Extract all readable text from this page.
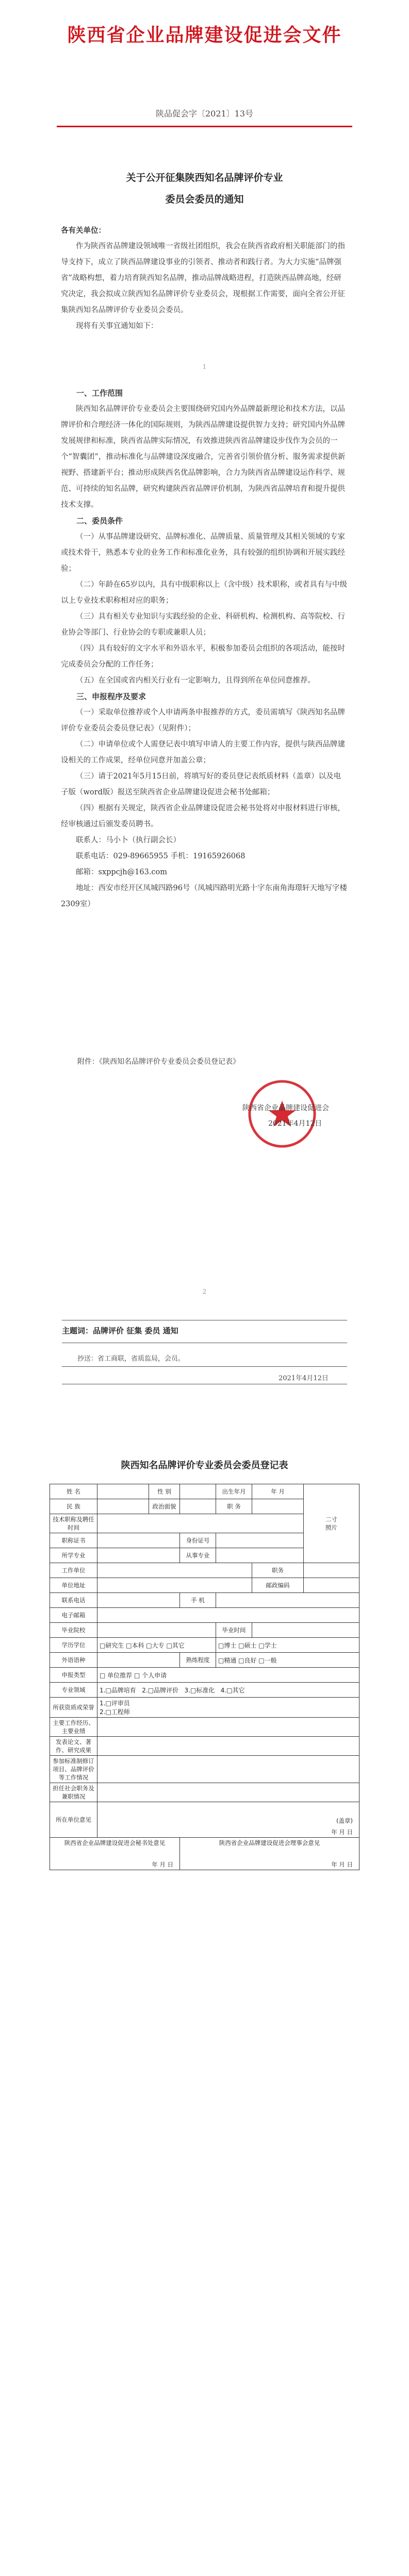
陕西省企业品牌建设促进会文件
陕品促会字〔2021〕13号
关于公开征集陕西知名品牌评价专业
委员会委员的通知

各有关单位：

作为陕西省品牌建设领域唯一省级社团组织，我会在陕西省政府相关职能部门的指导支持下，成立了陕西品牌建设事业的引领者、推动者和践行者。为大力实施“品牌强省”战略构想，着力培育陕西知名品牌，推动品牌战略进程，打造陕西品牌高地，经研究决定，我会拟成立陕西知名品牌评价专业委员会，现根据工作需要，面向全省公开征集陕西知名品牌评价专业委员会委员。

现将有关事宜通知如下：

1
一、工作范围

陕西知名品牌评价专业委员会主要围绕研究国内外品牌最新理论和技术方法，以品牌评价和合理经济一体化的国际规则，为陕西品牌建设提供智力支持；研究国内外品牌发展规律和标准，陕西省品牌实际情况，有效推进陕西省品牌建设步伐作为会员的一个“智囊团”，推动标准化与品牌建设深度融合，完善省引领价值分析、服务需求提供新视野、搭建新平台；推动形成陕西名优品牌影响，合力为陕西省品牌建设运作科学、规范、可持续的知名品牌，研究构建陕西省品牌评价机制，为陕西省品牌培育和提升提供技术支撑。

二、委员条件

（一）从事品牌建设研究、品牌标准化、品牌质量、质量管理及其相关领域的专家或技术骨干，熟悉本专业的业务工作和标准化业务，具有较强的组织协调和开展实践经验；

（二）年龄在65岁以内，具有中级职称以上（含中级）技术职称，或者具有与中级以上专业技术职称相对应的职务；

（三）具有相关专业知识与实践经验的企业、科研机构、检测机构、高等院校、行业协会等部门、行业协会的专职或兼职人员；

（四）具有较好的文字水平和外语水平，积极参加委员会组织的各项活动，能按时完成委员会分配的工作任务；

（五）在全国或省内相关行业有一定影响力，且得到所在单位同意推荐。

三、申报程序及要求

（一）采取单位推荐或个人申请两条申报推荐的方式，委员需填写《陕西知名品牌评价专业委员会委员登记表》（见附件）；

（二）申请单位或个人需登记表中填写申请人的主要工作内容，提供与陕西品牌建设相关的工作成果，经单位同意并加盖公章；

（三）请于2021年5月15日前，将填写好的委员登记表纸质材料（盖章）以及电子版（word版）报送至陕西省企业品牌建设促进会秘书处邮箱；

（四）根据有关规定，陕西省企业品牌建设促进会秘书处将对申报材料进行审核，经审核通过后颁发委员聘书。

联系人：马小卜（执行副会长）

联系电话：029-89665955 手机：19165926068

邮箱：sxppcjh@163.com

地址：西安市经开区凤城四路96号（凤城四路明光路十字东南角海璟轩天地写字楼2309室）

附件：《陕西知名品牌评价专业委员会委员登记表》
陕西省企业品牌建设促进会
2021年4月12日
2
主题词：品牌评价 征集 委员 通知
抄送：省工商联，省质监局，会员。
2021年4月12日
陕西知名品牌评价专业委员会委员登记表
姓 名		性 别		出生年月	年 月	二寸
照片
民 族		政治面貌		职 务		
技术职称及聘任时间						
职称证书			身份证号			
所学专业			从事专业			
工作单位					职务	
单位地址					邮政编码	
联系电话			手 机			
电子邮箱						
毕业院校				毕业时间		
学历学位	□研究生 □本科 □大专 □其它			□博士 □硕士 □学士		
外语语种			熟练程度	□精通 □良好 □一般		
申报类型	□ 单位推荐 □ 个人申请					
专业领域	1.□品牌培育 2.□品牌评价 3.□标准化 4.□其它					
所获资质或荣誉	1.□评审员
2.□工程师					
主要工作经历、主要业绩						
发表论文、著作、研究成果						
参加标准制修订项目、品牌评价等工作情况						
担任社会职务及兼职情况						
所在单位意见	(盖章)
年 月 日					

陕西省企业品牌建设促进会秘书处意见
年 月 日			陕西省企业品牌建设促进会理事会意见
年 月 日			
